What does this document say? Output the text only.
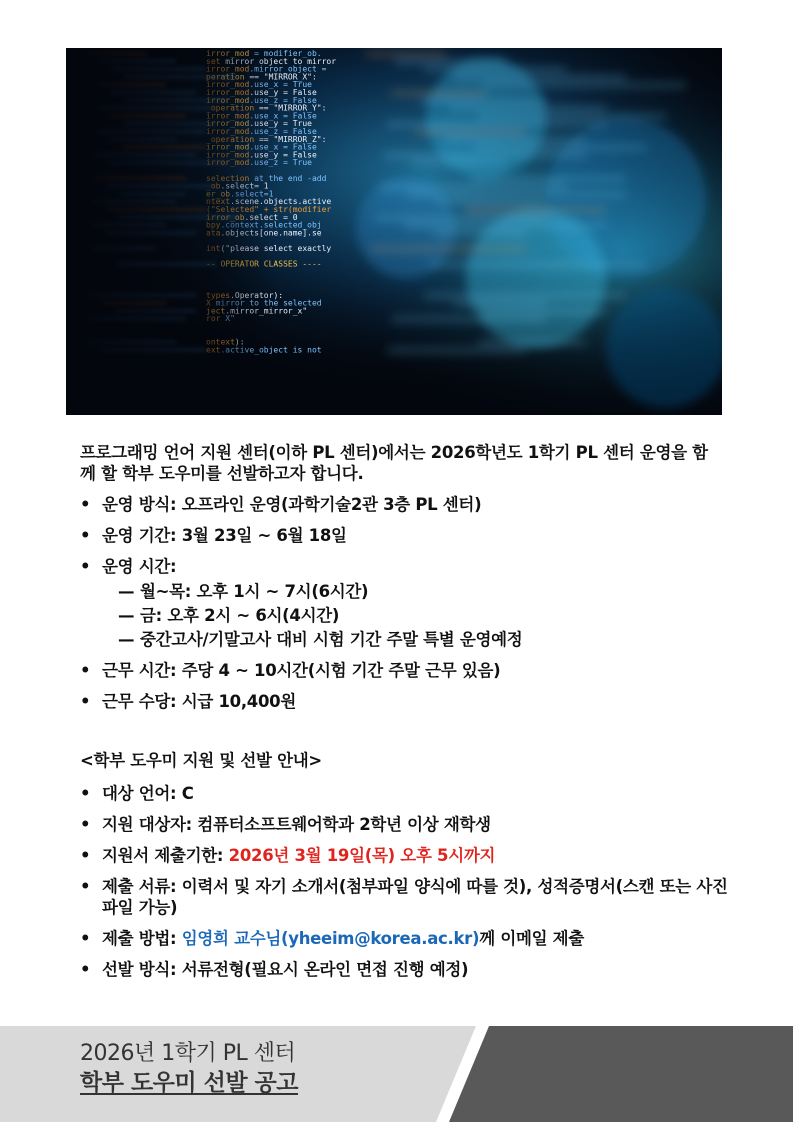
프로그래밍 언어 지원 센터(이하 PL 센터)에서는 2026학년도 1학기 PL 센터 운영을 함께 할 학부 도우미를 선발하고자 합니다.

• 운영 방식: 오프라인 운영(과학기술2관 3층 PL 센터)
• 운영 기간: 3월 23일 ~ 6월 18일
• 운영 시간:
— 월~목: 오후 1시 ~ 7시(6시간)
— 금: 오후 2시 ~ 6시(4시간)
— 중간고사/기말고사 대비 시험 기간 주말 특별 운영예정
• 근무 시간: 주당 4 ~ 10시간(시험 기간 주말 근무 있음)
• 근무 수당: 시급 10,400원
<학부 도우미 지원 및 선발 안내>
• 대상 언어: C
• 지원 대상자: 컴퓨터소프트웨어학과 2학년 이상 재학생
• 지원서 제출기한: 2026년 3월 19일(목) 오후 5시까지
• 제출 서류: 이력서 및 자기 소개서(첨부파일 양식에 따를 것), 성적증명서(스캔 또는 사진 파일 가능)
• 제출 방법: 임영희 교수님(yheeim@korea.ac.kr)께 이메일 제출
• 선발 방식: 서류전형(필요시 온라인 면접 진행 예정)
2026년 1학기 PL 센터
학부 도우미 선발 공고
